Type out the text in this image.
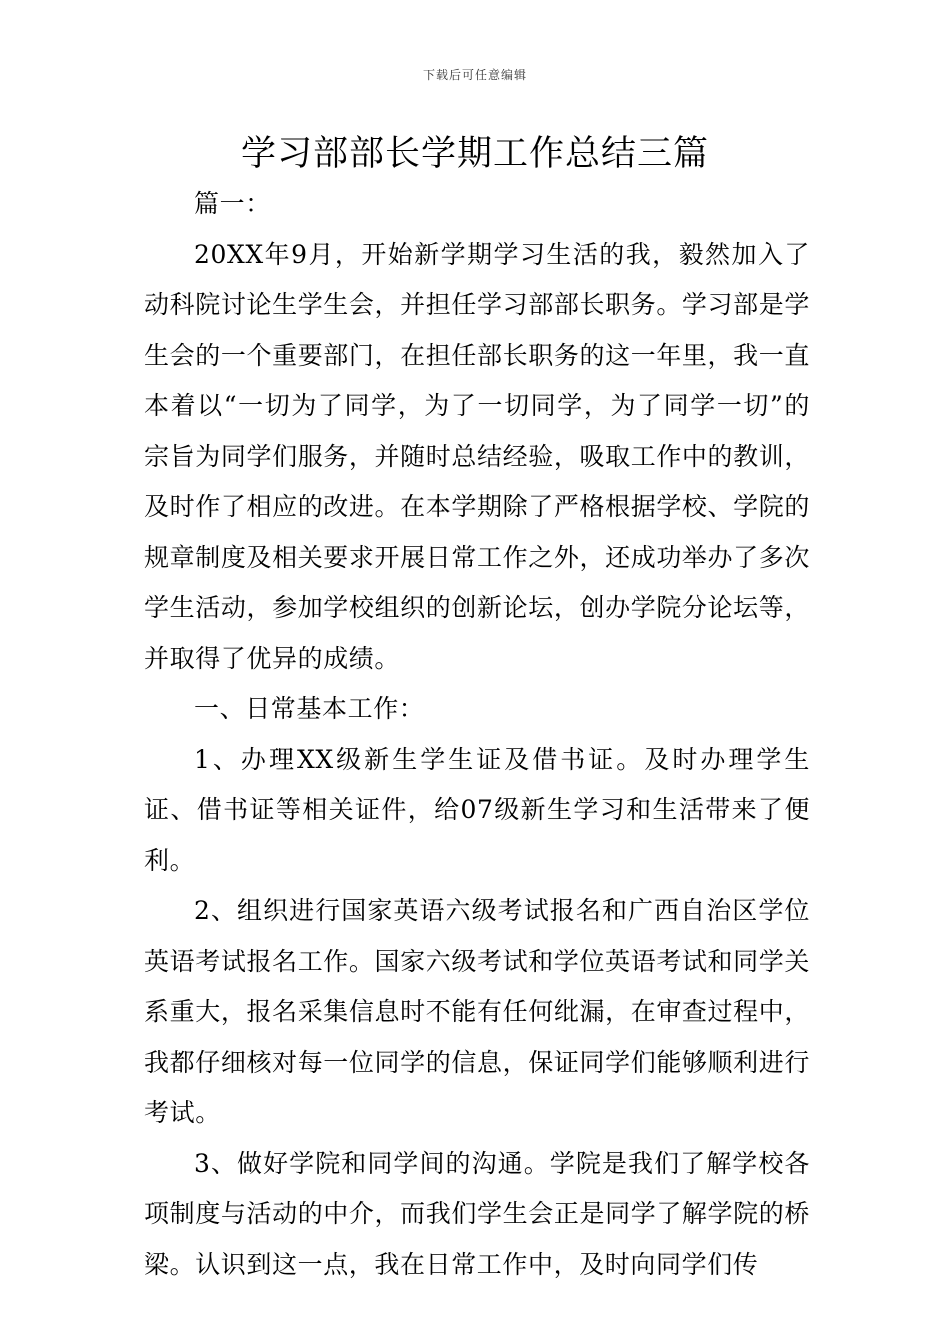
下载后可任意编辑
学习部部长学期工作总结三篇

篇一：

20XX年9月，开始新学期学习生活的我，毅然加入了动科院讨论生学生会，并担任学习部部长职务。学习部是学生会的一个重要部门，在担任部长职务的这一年里，我一直本着以“一切为了同学，为了一切同学，为了同学一切”的宗旨为同学们服务，并随时总结经验，吸取工作中的教训，及时作了相应的改进。在本学期除了严格根据学校、学院的规章制度及相关要求开展日常工作之外，还成功举办了多次学生活动，参加学校组织的创新论坛，创办学院分论坛等，并取得了优异的成绩。

一、日常基本工作：

1、办理XX级新生学生证及借书证。及时办理学生证、借书证等相关证件，给07级新生学习和生活带来了便利。

2、组织进行国家英语六级考试报名和广西自治区学位英语考试报名工作。国家六级考试和学位英语考试和同学关系重大，报名采集信息时不能有任何纰漏，在审查过程中，我都仔细核对每一位同学的信息，保证同学们能够顺利进行考试。

3、做好学院和同学间的沟通。学院是我们了解学校各项制度与活动的中介，而我们学生会正是同学了解学院的桥梁。认识到这一点，我在日常工作中，及时向同学们传
